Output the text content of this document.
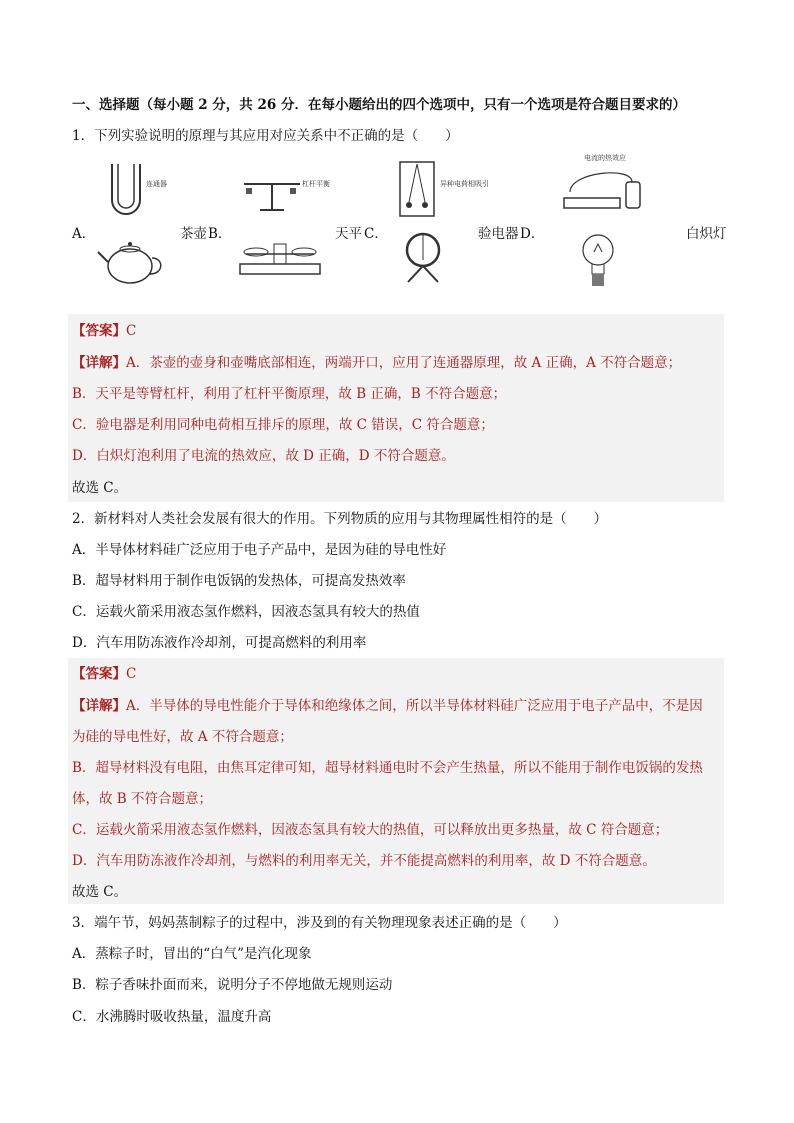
一、选择题（每小题 2 分，共 26 分．在每小题给出的四个选项中，只有一个选项是符合题目要求的）
1．下列实验说明的原理与其应用对应关系中不正确的是（　　）
连通器	杠杆平衡	异种电荷相吸引
电流的热效应
A．	茶壶 B．	天平 C．	验电器 D．	白炽灯
【答案】C
【详解】A．茶壶的壶身和壶嘴底部相连，两端开口，应用了连通器原理，故 A 正确，A 不符合题意；
B．天平是等臂杠杆，利用了杠杆平衡原理，故 B 正确，B 不符合题意；
C．验电器是利用同种电荷相互排斥的原理，故 C 错误，C 符合题意；
D．白炽灯泡利用了电流的热效应，故 D 正确，D 不符合题意。
故选 C。
2．新材料对人类社会发展有很大的作用。下列物质的应用与其物理属性相符的是（　　）
A．半导体材料硅广泛应用于电子产品中，是因为硅的导电性好
B．超导材料用于制作电饭锅的发热体，可提高发热效率
C．运载火箭采用液态氢作燃料，因液态氢具有较大的热值
D．汽车用防冻液作冷却剂，可提高燃料的利用率
【答案】C
【详解】A．半导体的导电性能介于导体和绝缘体之间，所以半导体材料硅广泛应用于电子产品中，不是因
为硅的导电性好，故 A 不符合题意；
B．超导材料没有电阻，由焦耳定律可知，超导材料通电时不会产生热量，所以不能用于制作电饭锅的发热
体，故 B 不符合题意；
C．运载火箭采用液态氢作燃料，因液态氢具有较大的热值，可以释放出更多热量，故 C 符合题意；
D．汽车用防冻液作冷却剂，与燃料的利用率无关，并不能提高燃料的利用率，故 D 不符合题意。
故选 C。
3．端午节，妈妈蒸制粽子的过程中，涉及到的有关物理现象表述正确的是（　　）
A．蒸粽子时，冒出的“白气”是汽化现象
B．粽子香味扑面而来，说明分子不停地做无规则运动
C．水沸腾时吸收热量，温度升高
